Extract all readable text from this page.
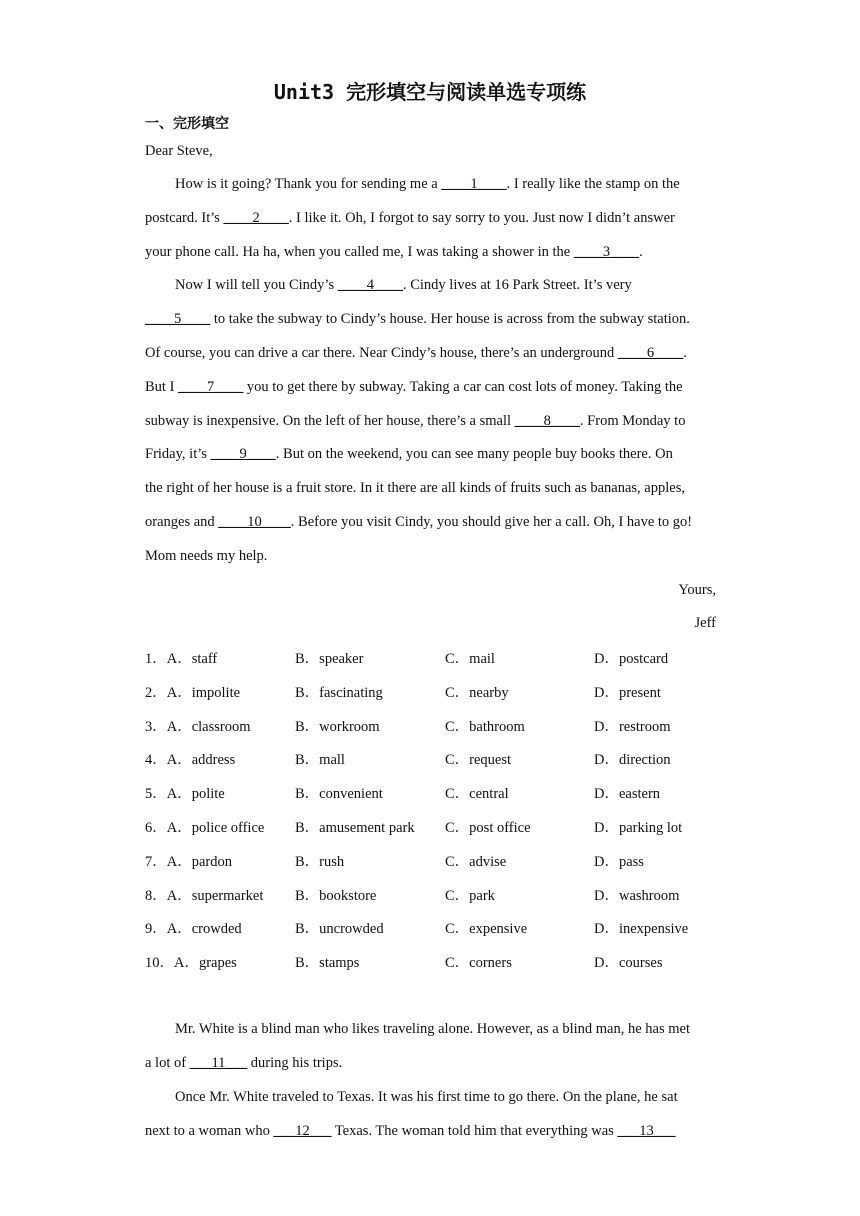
Unit3 完形填空与阅读单选专项练
一、完形填空
Dear Steve,
How is it going? Thank you for sending me a ____1____. I really like the stamp on the
postcard. It’s ____2____. I like it. Oh, I forgot to say sorry to you. Just now I didn’t answer
your phone call. Ha ha, when you called me, I was taking a shower in the ____3____.
Now I will tell you Cindy’s ____4____. Cindy lives at 16 Park Street. It’s very
____5____ to take the subway to Cindy’s house. Her house is across from the subway station.
Of course, you can drive a car there. Near Cindy’s house, there’s an underground ____6____.
But I ____7____ you to get there by subway. Taking a car can cost lots of money. Taking the
subway is inexpensive. On the left of her house, there’s a small ____8____. From Monday to
Friday, it’s ____9____. But on the weekend, you can see many people buy books there. On
the right of her house is a fruit store. In it there are all kinds of fruits such as bananas, apples,
oranges and ____10____. Before you visit Cindy, you should give her a call. Oh, I have to go!
Mom needs my help.
Yours,
Jeff
1．A．staff	B．speaker	C．mail	D．postcard
2．A．impolite	B．fascinating	C．nearby	D．present
3．A．classroom	B．workroom	C．bathroom	D．restroom
4．A．address	B．mall	C．request	D．direction
5．A．polite	B．convenient	C．central	D．eastern
6．A．police office B．amusement park C．post office	D．parking lot
7．A．pardon	B．rush	C．advise	D．pass
8．A．supermarket B．bookstore	C．park	D．washroom
9．A．crowded	B．uncrowded	C．expensive	D．inexpensive
10．A．grapes	B．stamps	C．corners	D．courses
Mr. White is a blind man who likes traveling alone. However, as a blind man, he has met
a lot of ___11___ during his trips.
Once Mr. White traveled to Texas. It was his first time to go there. On the plane, he sat
next to a woman who ___12___ Texas. The woman told him that everything was ___13___
